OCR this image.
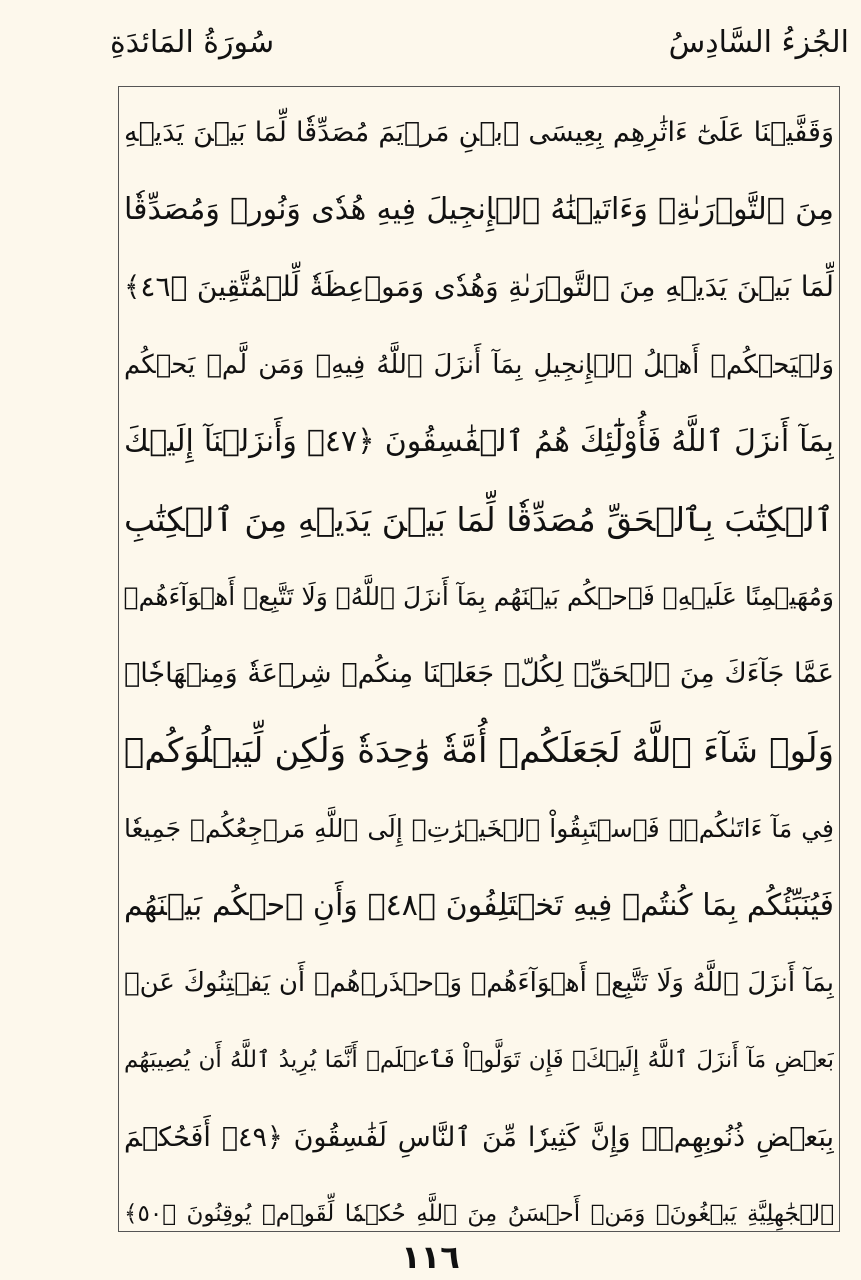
الجُزءُ السَّادِسُ
سُورَةُ المَائدَةِ
وَقَفَّيۡنَا عَلَىٰٓ ءَاثَٰرِهِم بِعِيسَى ٱبۡنِ مَرۡيَمَ مُصَدِّقٗا لِّمَا بَيۡنَ يَدَيۡهِ
مِنَ ٱلتَّوۡرَىٰةِۖ وَءَاتَيۡنَٰهُ ٱلۡإِنجِيلَ فِيهِ هُدٗى وَنُورٞ وَمُصَدِّقٗا
لِّمَا بَيۡنَ يَدَيۡهِ مِنَ ٱلتَّوۡرَىٰةِ وَهُدٗى وَمَوۡعِظَةٗ لِّلۡمُتَّقِينَ ﴿٤٦﴾
وَلۡيَحۡكُمۡ أَهۡلُ ٱلۡإِنجِيلِ بِمَآ أَنزَلَ ٱللَّهُ فِيهِۚ وَمَن لَّمۡ يَحۡكُم
بِمَآ أَنزَلَ ٱللَّهُ فَأُوْلَٰٓئِكَ هُمُ ٱلۡفَٰسِقُونَ ﴿٤٧﴾ وَأَنزَلۡنَآ إِلَيۡكَ
ٱلۡكِتَٰبَ بِٱلۡحَقِّ مُصَدِّقٗا لِّمَا بَيۡنَ يَدَيۡهِ مِنَ ٱلۡكِتَٰبِ
وَمُهَيۡمِنًا عَلَيۡهِۖ فَٱحۡكُم بَيۡنَهُم بِمَآ أَنزَلَ ٱللَّهُۖ وَلَا تَتَّبِعۡ أَهۡوَآءَهُمۡ
عَمَّا جَآءَكَ مِنَ ٱلۡحَقِّۚ لِكُلّٖ جَعَلۡنَا مِنكُمۡ شِرۡعَةٗ وَمِنۡهَاجٗاۚ
وَلَوۡ شَآءَ ٱللَّهُ لَجَعَلَكُمۡ أُمَّةٗ وَٰحِدَةٗ وَلَٰكِن لِّيَبۡلُوَكُمۡ
فِي مَآ ءَاتَىٰكُمۡۖ فَٱسۡتَبِقُواْ ٱلۡخَيۡرَٰتِۚ إِلَى ٱللَّهِ مَرۡجِعُكُمۡ جَمِيعٗا
فَيُنَبِّئُكُم بِمَا كُنتُمۡ فِيهِ تَخۡتَلِفُونَ ﴿٤٨﴾ وَأَنِ ٱحۡكُم بَيۡنَهُم
بِمَآ أَنزَلَ ٱللَّهُ وَلَا تَتَّبِعۡ أَهۡوَآءَهُمۡ وَٱحۡذَرۡهُمۡ أَن يَفۡتِنُوكَ عَنۢ
بَعۡضِ مَآ أَنزَلَ ٱللَّهُ إِلَيۡكَۖ فَإِن تَوَلَّوۡاْ فَٱعۡلَمۡ أَنَّمَا يُرِيدُ ٱللَّهُ أَن يُصِيبَهُم
بِبَعۡضِ ذُنُوبِهِمۡۗ وَإِنَّ كَثِيرٗا مِّنَ ٱلنَّاسِ لَفَٰسِقُونَ ﴿٤٩﴾ أَفَحُكۡمَ
ٱلۡجَٰهِلِيَّةِ يَبۡغُونَۚ وَمَنۡ أَحۡسَنُ مِنَ ٱللَّهِ حُكۡمٗا لِّقَوۡمٖ يُوقِنُونَ ﴿٥٠﴾
١١٦
